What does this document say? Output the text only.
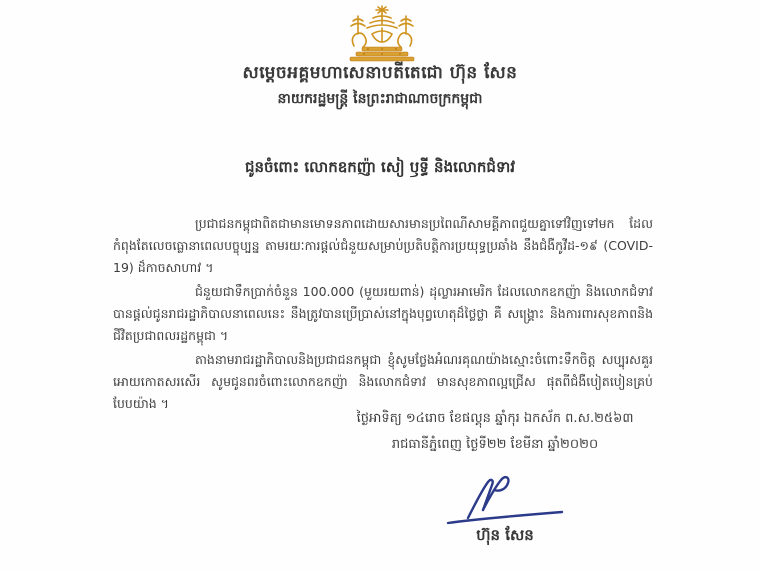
សម្តេចអគ្គមហាសេនាបតីតេជោ ហ៊ុន សែន
នាយករដ្ឋមន្ត្រី នៃព្រះរាជាណាចក្រកម្ពុជា
ជូនចំពោះ លោកឧកញ៉ា សៀ ឫទ្ធី និងលោកជំទាវ

ប្រជាជនកម្ពុជាពិតជាមានមោទនភាពដោយសារមានប្រពៃណីសាមគ្គីភាពជួយគ្នាទៅវិញទៅមក ដែលកំពុងតែលេចធ្លោនាពេលបច្ចុប្បន្ន តាមរយៈការផ្តល់ជំនួយសម្រាប់ប្រតិបត្តិការប្រយុទ្ធប្រឆាំង នឹងជំងឺកូវីដ-១៩ (COVID-19) ដ៏កាចសាហាវ ។

ជំនួយជាទឹកប្រាក់ចំនួន 100.000 (មួយរយពាន់) ដុល្លារអាមេរិក ដែលលោកឧកញ៉ា និងលោកជំទាវ បានផ្តល់ជូនរាជរដ្ឋាភិបាលនាពេលនេះ នឹងត្រូវបានប្រើប្រាស់នៅក្នុងបុព្វហេតុដ៏ថ្លៃថ្លា គឺ សង្គ្រោះ និងការពារសុខភាពនិងជីវិតប្រជាពលរដ្ឋកម្ពុជា ។

តាងនាមរាជរដ្ឋាភិបាលនិងប្រជាជនកម្ពុជា ខ្ញុំសូមថ្លែងអំណរគុណយ៉ាងស្មោះចំពោះទឹកចិត្ត សប្បុរសគួរអោយកោតសរសើរ សូមជូនពរចំពោះលោកឧកញ៉ា និងលោកជំទាវ មានសុខភាពល្អជ្រើស ផុតពីជំងឺបៀតបៀនគ្រប់បែបយ៉ាង ។

ថ្ងៃអាទិត្យ ១៤រោច ខែផល្គុន ឆ្នាំកុរ ឯកស័ក ព.ស.២៥៦៣
រាជធានីភ្នំពេញ ថ្ងៃទី២២ ខែមីនា ឆ្នាំ២០២០
ហ៊ុន សែន
